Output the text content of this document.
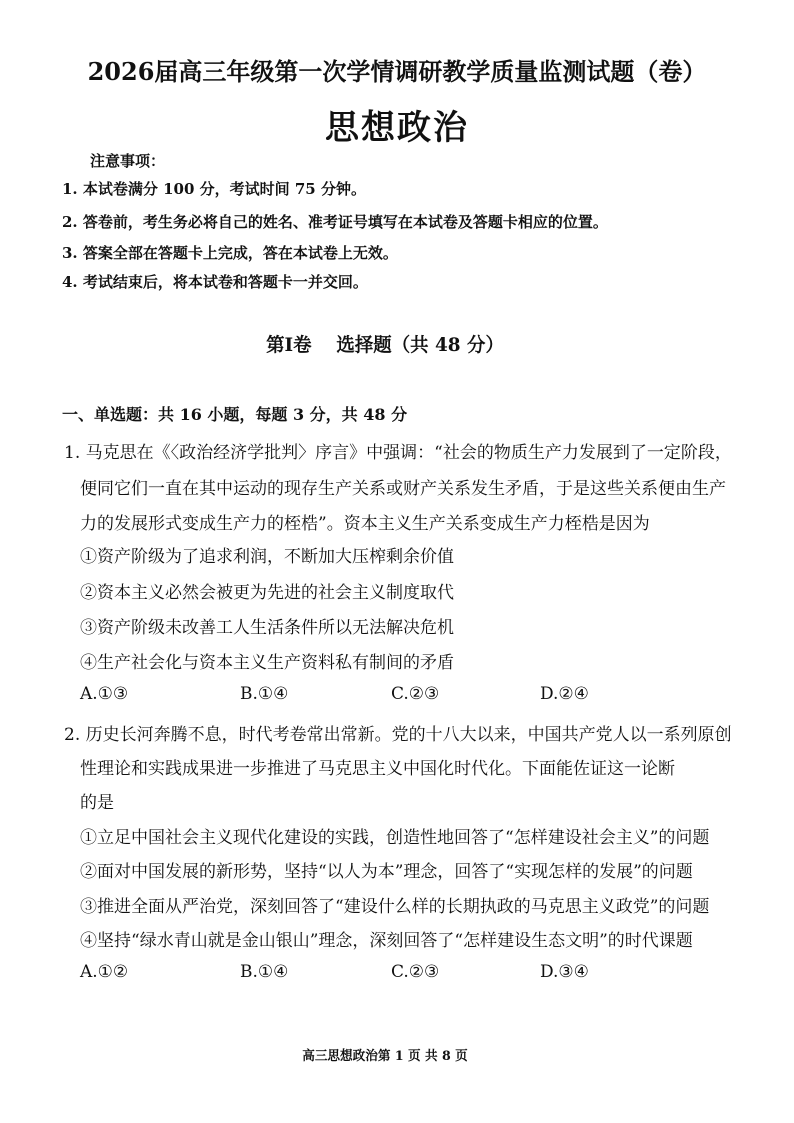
2026届高三年级第一次学情调研教学质量监测试题（卷）
思想政治
注意事项：
1. 本试卷满分 100 分，考试时间 75 分钟。
2. 答卷前，考生务必将自己的姓名、准考证号填写在本试卷及答题卡相应的位置。
3. 答案全部在答题卡上完成，答在本试卷上无效。
4. 考试结束后，将本试卷和答题卡一并交回。
第Ⅰ卷　 选择题（共 48 分）
一、单选题：共 16 小题，每题 3 分，共 48 分
1. 马克思在《〈政治经济学批判〉序言》中强调：“社会的物质生产力发展到了一定阶段，
便同它们一直在其中运动的现存生产关系或财产关系发生矛盾，于是这些关系便由生产
力的发展形式变成生产力的桎梏”。资本主义生产关系变成生产力桎梏是因为
①资产阶级为了追求利润，不断加大压榨剩余价值
②资本主义必然会被更为先进的社会主义制度取代
③资产阶级未改善工人生活条件所以无法解决危机
④生产社会化与资本主义生产资料私有制间的矛盾
A.①③	B.①④	C.②③	D.②④
2. 历史长河奔腾不息，时代考卷常出常新。党的十八大以来，中国共产党人以一系列原创
性理论和实践成果进一步推进了马克思主义中国化时代化。下面能佐证这一论断
的是
①立足中国社会主义现代化建设的实践，创造性地回答了“怎样建设社会主义”的问题
②面对中国发展的新形势，坚持“以人为本”理念，回答了“实现怎样的发展”的问题
③推进全面从严治党，深刻回答了“建设什么样的长期执政的马克思主义政党”的问题
④坚持“绿水青山就是金山银山”理念，深刻回答了“怎样建设生态文明”的时代课题
A.①②	B.①④	C.②③	D.③④
高三思想政治第 1 页 共 8 页
